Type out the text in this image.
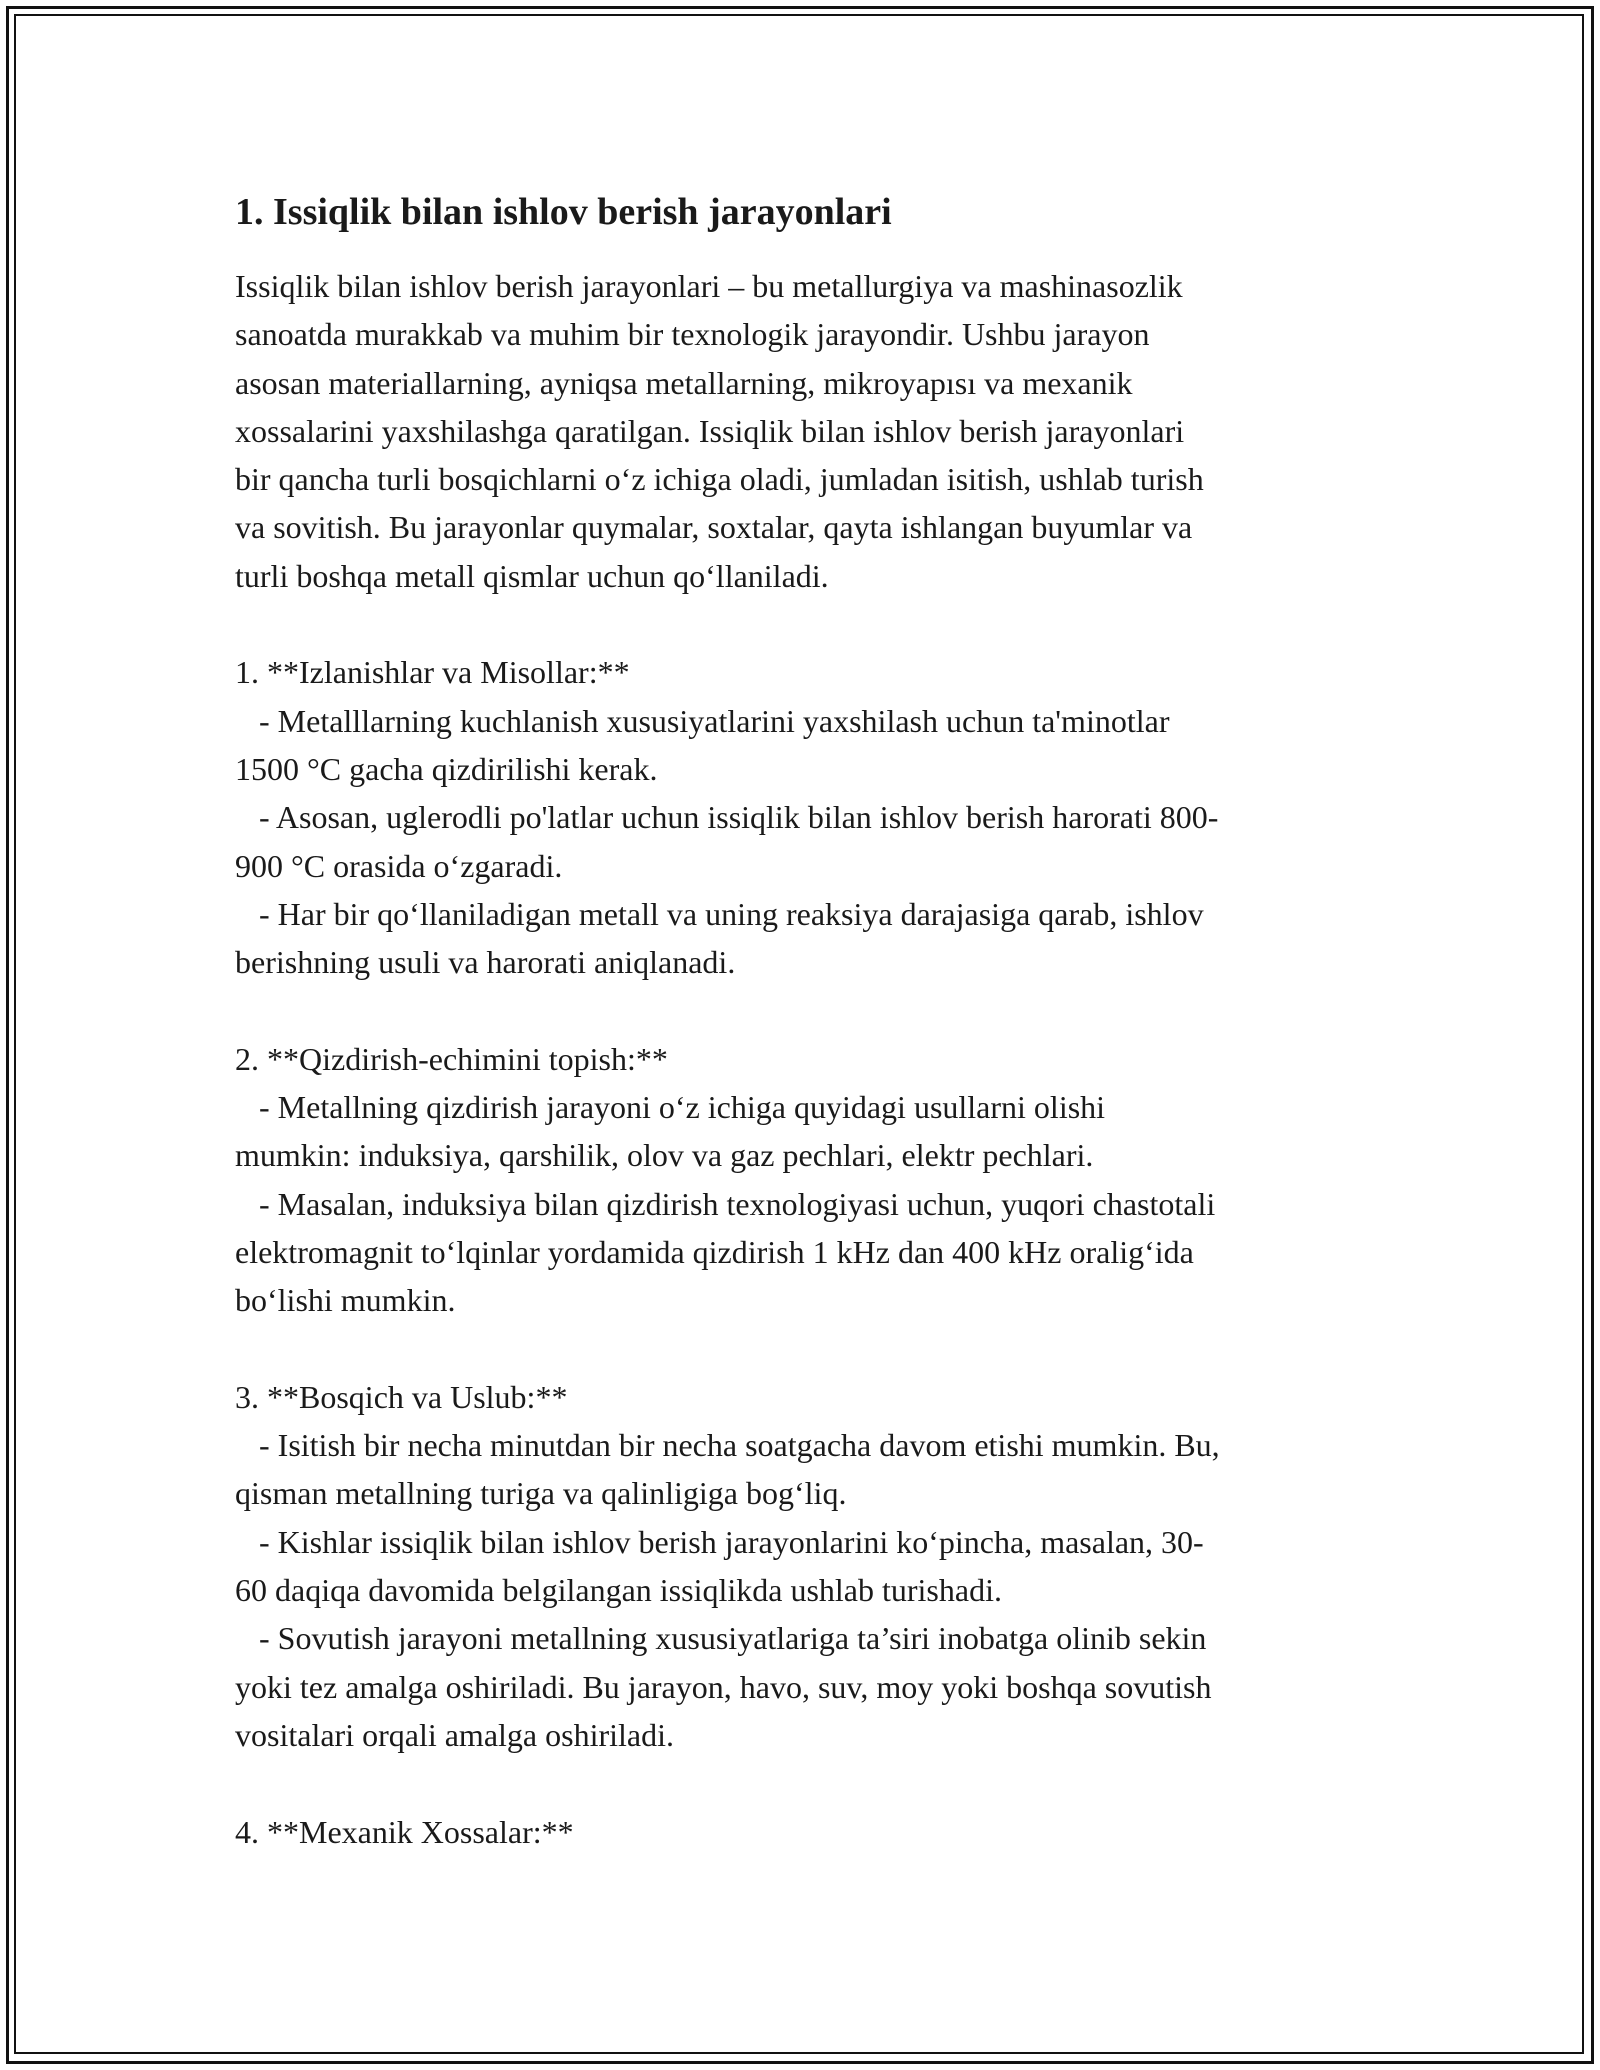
1. Issiqlik bilan ishlov berish jarayonlari
Issiqlik bilan ishlov berish jarayonlari – bu metallurgiya va mashinasozlik
sanoatda murakkab va muhim bir texnologik jarayondir. Ushbu jarayon
asosan materiallarning, ayniqsa metallarning, mikroyapısı va mexanik
xossalarini yaxshilashga qaratilgan. Issiqlik bilan ishlov berish jarayonlari
bir qancha turli bosqichlarni o‘z ichiga oladi, jumladan isitish, ushlab turish
va sovitish. Bu jarayonlar quymalar, soxtalar, qayta ishlangan buyumlar va
turli boshqa metall qismlar uchun qo‘llaniladi.

1. **Izlanishlar va Misollar:**
- Metalllarning kuchlanish xususiyatlarini yaxshilash uchun ta'minotlar
1500 °C gacha qizdirilishi kerak.
- Asosan, uglerodli po'latlar uchun issiqlik bilan ishlov berish harorati 800-
900 °C orasida o‘zgaradi.
- Har bir qo‘llaniladigan metall va uning reaksiya darajasiga qarab, ishlov
berishning usuli va harorati aniqlanadi.

2. **Qizdirish-echimini topish:**
- Metallning qizdirish jarayoni o‘z ichiga quyidagi usullarni olishi
mumkin: induksiya, qarshilik, olov va gaz pechlari, elektr pechlari.
- Masalan, induksiya bilan qizdirish texnologiyasi uchun, yuqori chastotali
elektromagnit to‘lqinlar yordamida qizdirish 1 kHz dan 400 kHz oralig‘ida
bo‘lishi mumkin.

3. **Bosqich va Uslub:**
- Isitish bir necha minutdan bir necha soatgacha davom etishi mumkin. Bu,
qisman metallning turiga va qalinligiga bog‘liq.
- Kishlar issiqlik bilan ishlov berish jarayonlarini ko‘pincha, masalan, 30-
60 daqiqa davomida belgilangan issiqlikda ushlab turishadi.
- Sovutish jarayoni metallning xususiyatlariga ta’siri inobatga olinib sekin
yoki tez amalga oshiriladi. Bu jarayon, havo, suv, moy yoki boshqa sovutish
vositalari orqali amalga oshiriladi.

4. **Mexanik Xossalar:**
